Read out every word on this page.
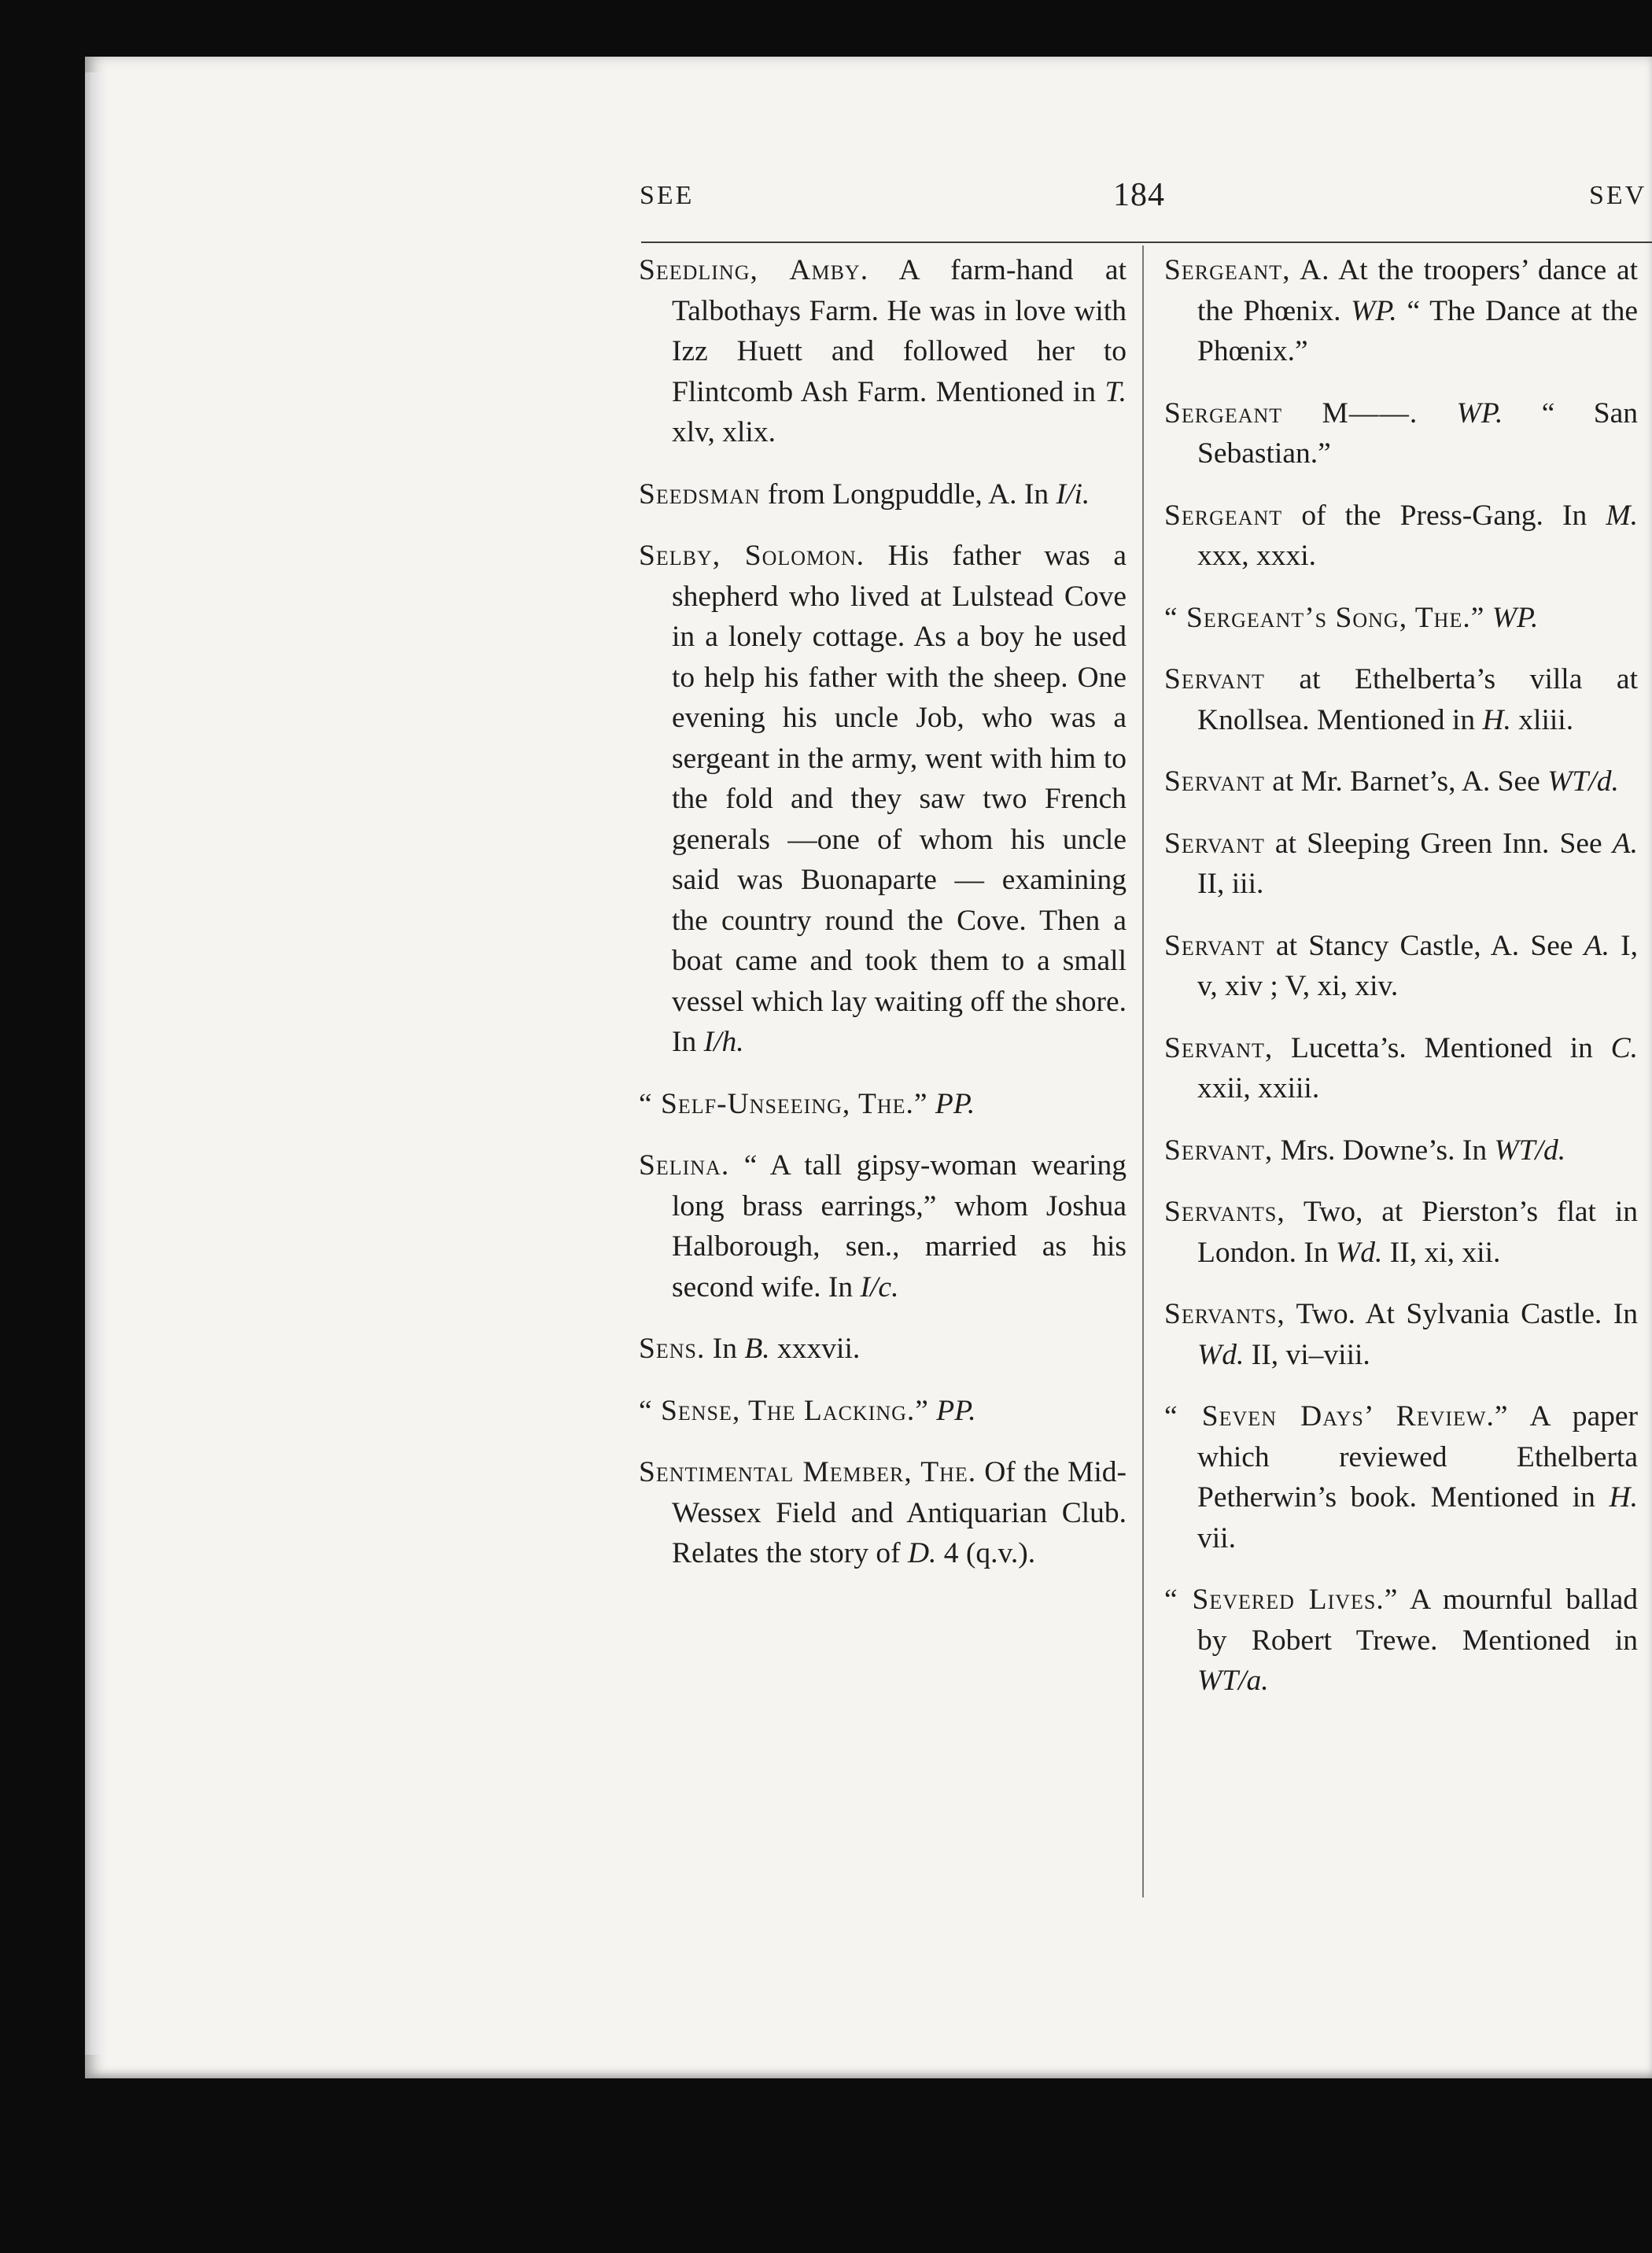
SEE	184	SEV

Seedling, Amby. A farm-hand at Talbothays Farm. He was in love with Izz Huett and followed her to Flintcomb Ash Farm. Mentioned in T. xlv, xlix.

Seedsman from Longpuddle, A. In I/i.

Selby, Solomon. His father was a shepherd who lived at Lulstead Cove in a lonely cottage. As a boy he used to help his father with the sheep. One evening his uncle Job, who was a sergeant in the army, went with him to the fold and they saw two French generals —one of whom his uncle said was Buonaparte — examining the country round the Cove. Then a boat came and took them to a small vessel which lay waiting off the shore. In I/h.

“ Self-Unseeing, The.” PP.

Selina. “ A tall gipsy-woman wearing long brass earrings,” whom Joshua Halborough, sen., married as his second wife. In I/c.

Sens. In B. xxxvii.

“ Sense, The Lacking.” PP.

Sentimental Member, The. Of the Mid-Wessex Field and Antiquarian Club. Relates the story of D. 4 (q.v.).

Sergeant, A. At the troopers’ dance at the Phœnix. WP. “ The Dance at the Phœnix.”

Sergeant M——. WP. “ San Sebastian.”

Sergeant of the Press-Gang. In M. xxx, xxxi.

“ Sergeant’s Song, The.” WP.

Servant at Ethelberta’s villa at Knollsea. Mentioned in H. xliii.

Servant at Mr. Barnet’s, A. See WT/d.

Servant at Sleeping Green Inn. See A. II, iii.

Servant at Stancy Castle, A. See A. I, v, xiv ; V, xi, xiv.

Servant, Lucetta’s. Mentioned in C. xxii, xxiii.

Servant, Mrs. Downe’s. In WT/d.

Servants, Two, at Pierston’s flat in London. In Wd. II, xi, xii.

Servants, Two. At Sylvania Castle. In Wd. II, vi–viii.

“ Seven Days’ Review.” A paper which reviewed Ethelberta Petherwin’s book. Mentioned in H. vii.

“ Severed Lives.” A mournful ballad by Robert Trewe. Mentioned in WT/a.
